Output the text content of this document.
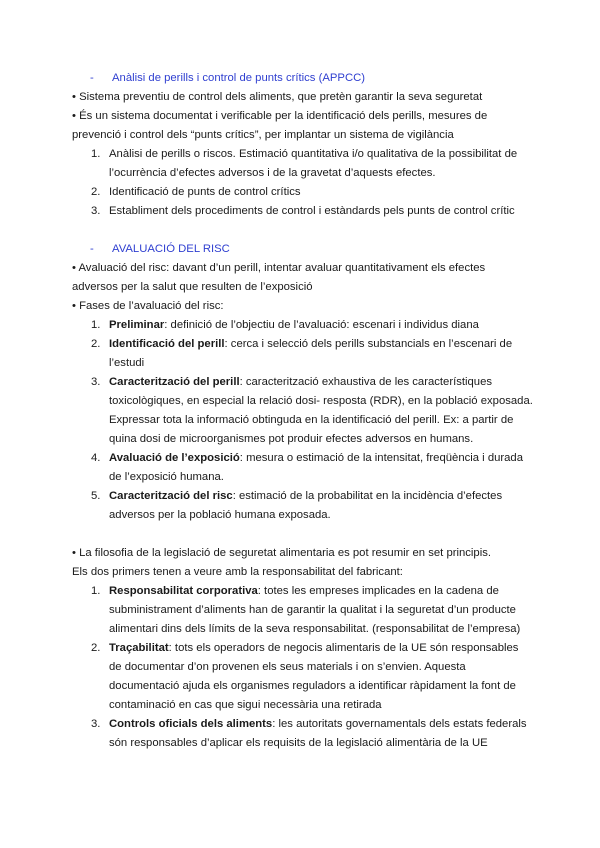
- Anàlisi de perills i control de punts crítics (APPCC)
• Sistema preventiu de control dels aliments, que pretèn garantir la seva seguretat
• És un sistema documentat i verificable per la identificació dels perills, mesures de prevenció i control dels “punts crítics”, per implantar un sistema de vigilància
1. Anàlisi de perills o riscos. Estimació quantitativa i/o qualitativa de la possibilitat de l’ocurrència d’efectes adversos i de la gravetat d’aquests efectes.
2. Identificació de punts de control crítics
3. Establiment dels procediments de control i estàndards pels punts de control crític
- AVALUACIÓ DEL RISC
• Avaluació del risc: davant d’un perill, intentar avaluar quantitativament els efectes adversos per la salut que resulten de l’exposició
• Fases de l’avaluació del risc:
1. Preliminar: definició de l’objectiu de l’avaluació: escenari i individus diana
2. Identificació del perill: cerca i selecció dels perills substancials en l’escenari de l’estudi
3. Caracterització del perill: caracterització exhaustiva de les característiques toxicològiques, en especial la relació dosi- resposta (RDR), en la població exposada. Expressar tota la informació obtinguda en la identificació del perill. Ex: a partir de quina dosi de microorganismes pot produir efectes adversos en humans.
4. Avaluació de l’exposició: mesura o estimació de la intensitat, freqüència i durada de l’exposició humana.
5. Caracterització del risc: estimació de la probabilitat en la incidència d’efectes adversos per la població humana exposada.
• La filosofia de la legislació de seguretat alimentaria es pot resumir en set principis.
Els dos primers tenen a veure amb la responsabilitat del fabricant:
1. Responsabilitat corporativa: totes les empreses implicades en la cadena de subministrament d’aliments han de garantir la qualitat i la seguretat d’un producte alimentari dins dels límits de la seva responsabilitat. (responsabilitat de l’empresa)
2. Traçabilitat: tots els operadors de negocis alimentaris de la UE són responsables de documentar d’on provenen els seus materials i on s’envien. Aquesta documentació ajuda els organismes reguladors a identificar ràpidament la font de contaminació en cas que sigui necessària una retirada
3. Controls oficials dels aliments: les autoritats governamentals dels estats federals són responsables d’aplicar els requisits de la legislació alimentària de la UE
